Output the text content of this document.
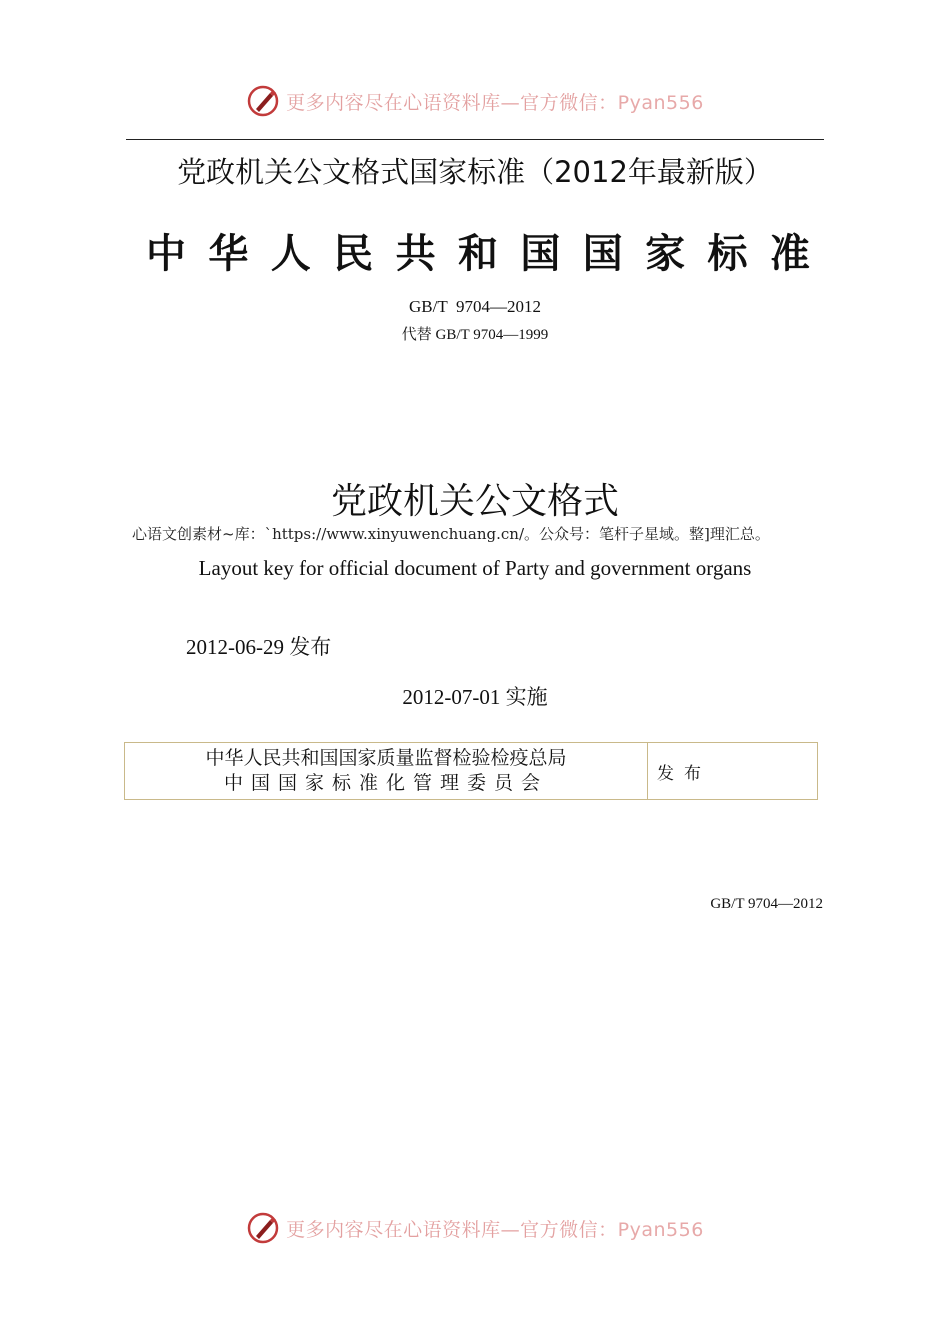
更多内容尽在心语资料库—官方微信：Pyan556
党政机关公文格式国家标准（2012年最新版）
中 华 人 民 共 和 国 国 家 标 准
GB/T  9704—2012
代替 GB/T 9704—1999
党政机关公文格式
心语文创素材~库：`https://www.xinyuwenchuang.cn/。公众号：笔杆子星域。整]理汇总。
Layout key for official document of Party and government organs
2012-06-29 发布
2012-07-01 实施
中华人民共和国国家质量监督检验检疫总局
中国国家标准化管理委员会	发布
GB/T 9704—2012
更多内容尽在心语资料库—官方微信：Pyan556
